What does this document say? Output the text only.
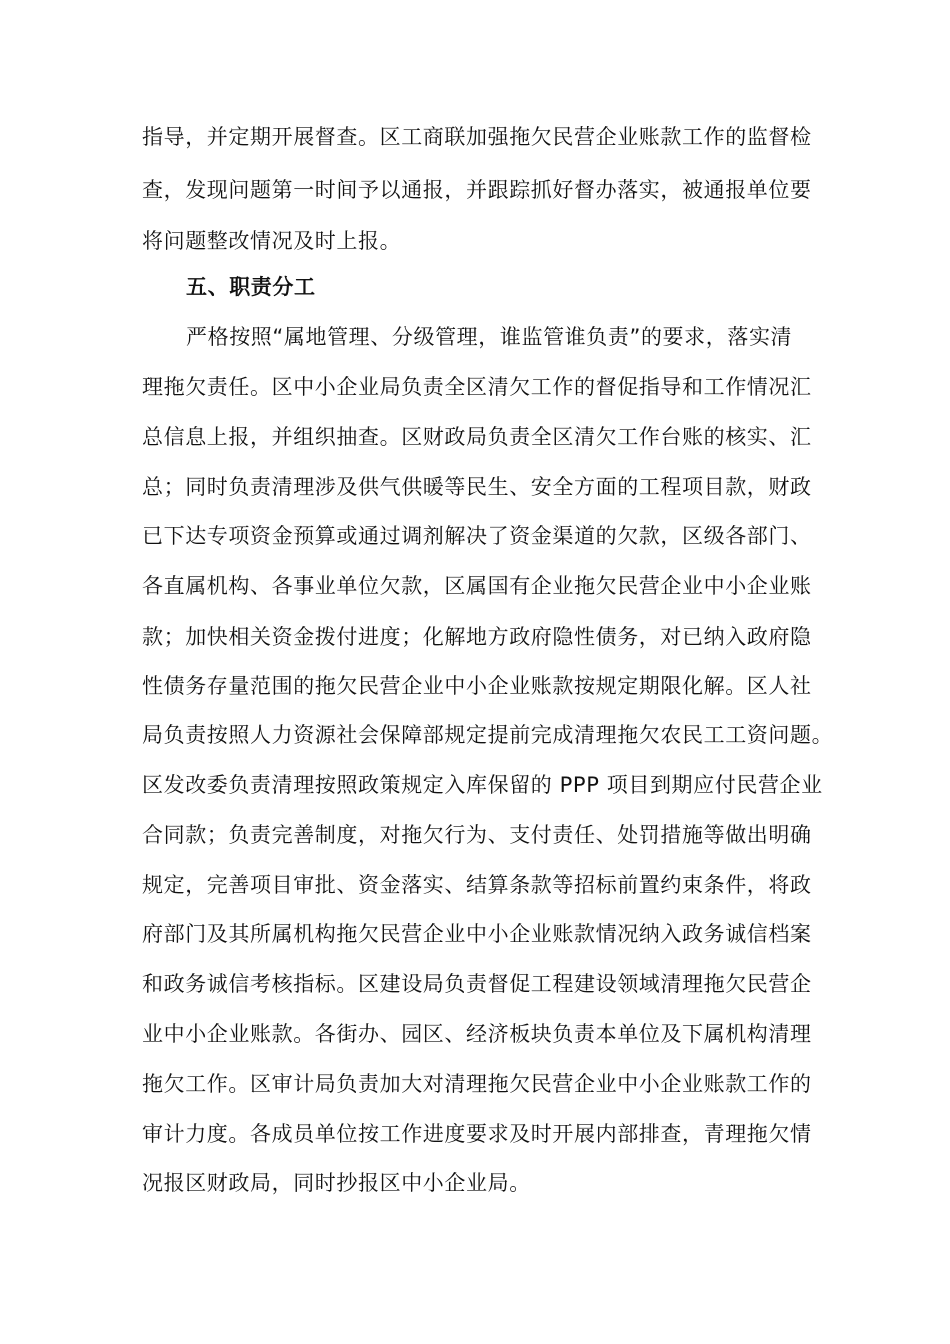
指导，并定期开展督查。区工商联加强拖欠民营企业账款工作的监督检
查，发现问题第一时间予以通报，并跟踪抓好督办落实，被通报单位要
将问题整改情况及时上报。
五、职责分工
严格按照“属地管理、分级管理，谁监管谁负责”的要求，落实清
理拖欠责任。区中小企业局负责全区清欠工作的督促指导和工作情况汇
总信息上报，并组织抽查。区财政局负责全区清欠工作台账的核实、汇
总；同时负责清理涉及供气供暖等民生、安全方面的工程项目款，财政
已下达专项资金预算或通过调剂解决了资金渠道的欠款，区级各部门、
各直属机构、各事业单位欠款，区属国有企业拖欠民营企业中小企业账
款；加快相关资金拨付进度；化解地方政府隐性债务，对已纳入政府隐
性债务存量范围的拖欠民营企业中小企业账款按规定期限化解。区人社
局负责按照人力资源社会保障部规定提前完成清理拖欠农民工工资问题。
区发改委负责清理按照政策规定入库保留的 PPP 项目到期应付民营企业
合同款；负责完善制度，对拖欠行为、支付责任、处罚措施等做出明确
规定，完善项目审批、资金落实、结算条款等招标前置约束条件，将政
府部门及其所属机构拖欠民营企业中小企业账款情况纳入政务诚信档案
和政务诚信考核指标。区建设局负责督促工程建设领域清理拖欠民营企
业中小企业账款。各街办、园区、经济板块负责本单位及下属机构清理
拖欠工作。区审计局负责加大对清理拖欠民营企业中小企业账款工作的
审计力度。各成员单位按工作进度要求及时开展内部排查，青理拖欠情
况报区财政局，同时抄报区中小企业局。
